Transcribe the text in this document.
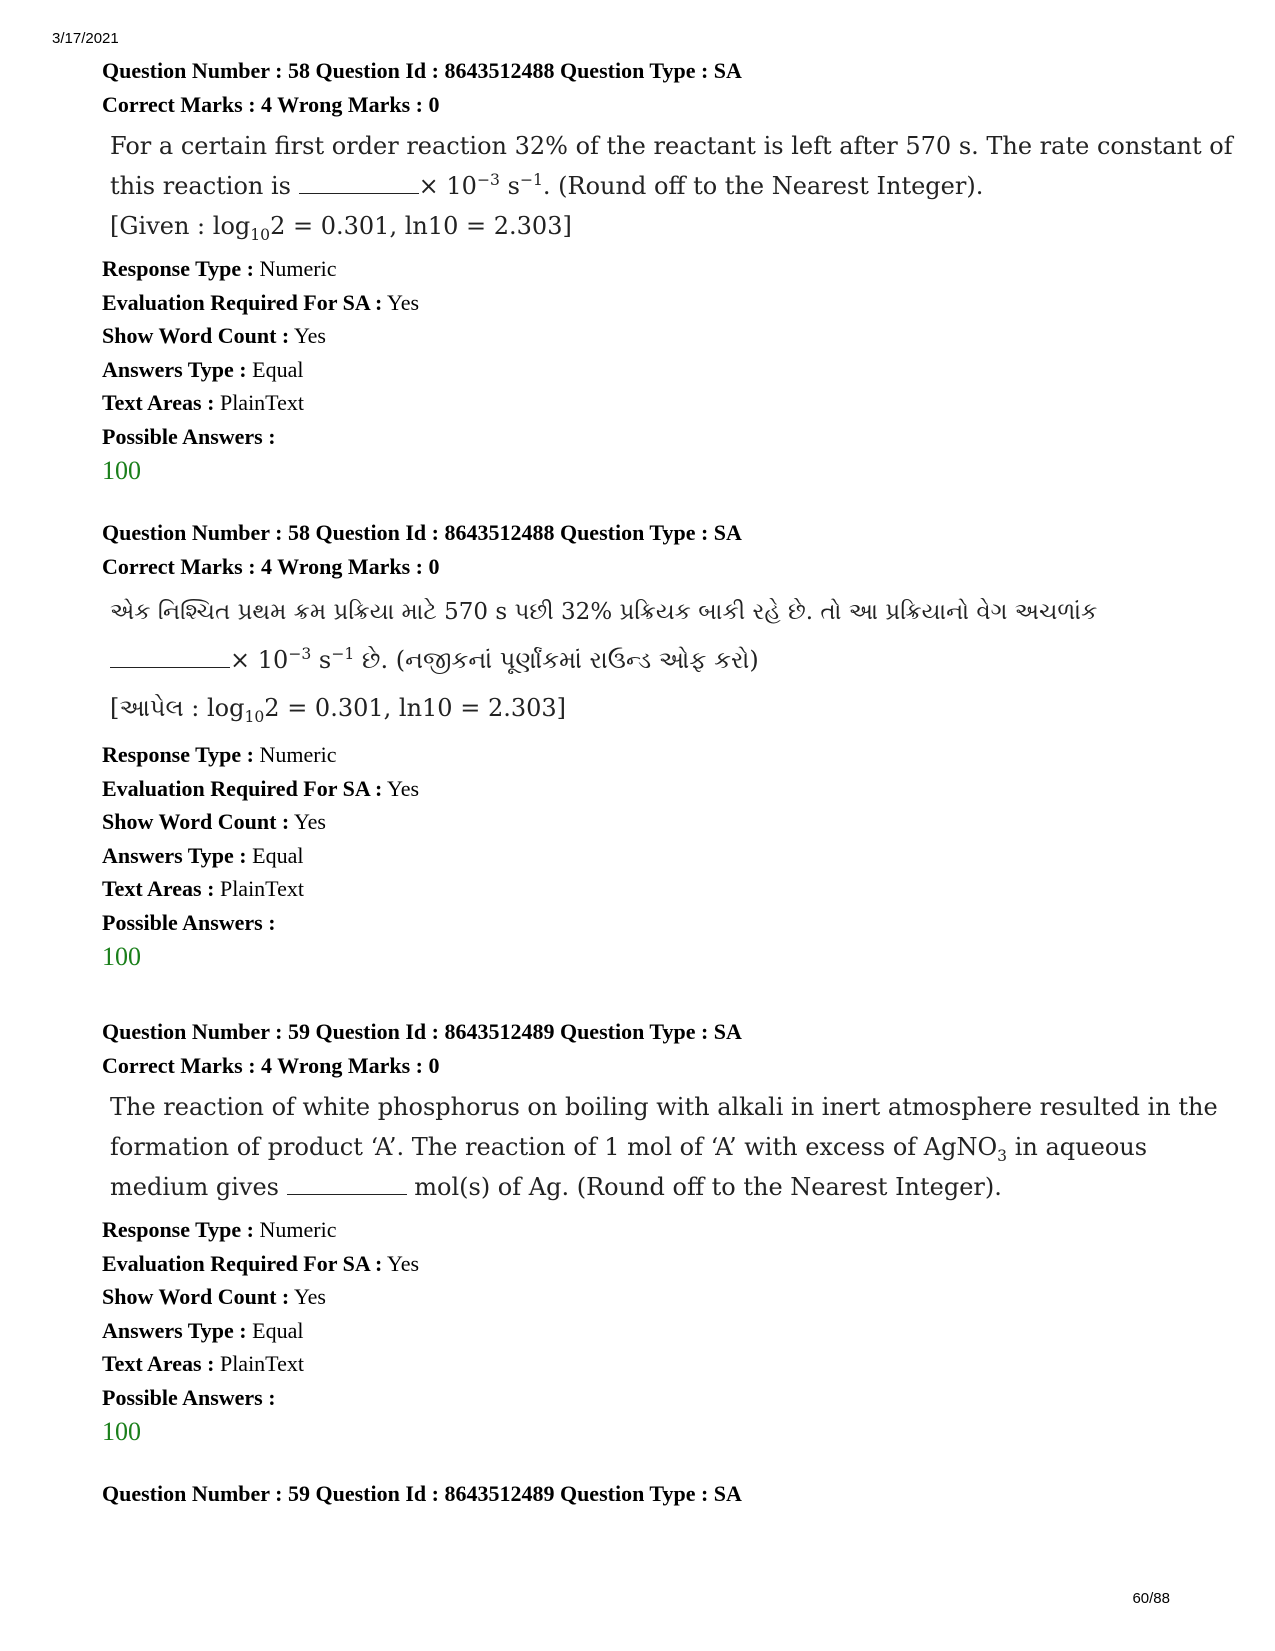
3/17/2021
Question Number : 58 Question Id : 8643512488 Question Type : SA
Correct Marks : 4 Wrong Marks : 0
For a certain first order reaction 32% of the reactant is left after 570 s. The rate constant of
this reaction is	× $10^{-3}$ $s^{-1}$. (Round off to the Nearest Integer).
[Given : $\log_{10}2 = 0.301$, ln10 = 2.303]
Response Type : Numeric
Evaluation Required For SA : Yes
Show Word Count : Yes
Answers Type : Equal
Text Areas : PlainText
Possible Answers :
100
Question Number : 58 Question Id : 8643512488 Question Type : SA
Correct Marks : 4 Wrong Marks : 0
એક નિશ્ચિત પ્રથમ ક્રમ પ્રક્રિયા માટે 570 s પછી 32% પ્રક્રિયક બાકી રહે છે. તો આ પ્રક્રિયાનો વેગ અચળાંક
× $10^{-3}$ $s^{-1}$ છે. (નજીકનાં પૂર્ણાંકમાં રાઉન્ડ ઓફ કરો)
[આપેલ : $\log_{10}2 = 0.301$, ln10 = 2.303]
Response Type : Numeric
Evaluation Required For SA : Yes
Show Word Count : Yes
Answers Type : Equal
Text Areas : PlainText
Possible Answers :
100
Question Number : 59 Question Id : 8643512489 Question Type : SA
Correct Marks : 4 Wrong Marks : 0
The reaction of white phosphorus on boiling with alkali in inert atmosphere resulted in the
formation of product ‘A’. The reaction of 1 mol of ‘A’ with excess of AgNO$_3$ in aqueous
medium gives	mol(s) of Ag. (Round off to the Nearest Integer).
Response Type : Numeric
Evaluation Required For SA : Yes
Show Word Count : Yes
Answers Type : Equal
Text Areas : PlainText
Possible Answers :
100
Question Number : 59 Question Id : 8643512489 Question Type : SA
60/88
